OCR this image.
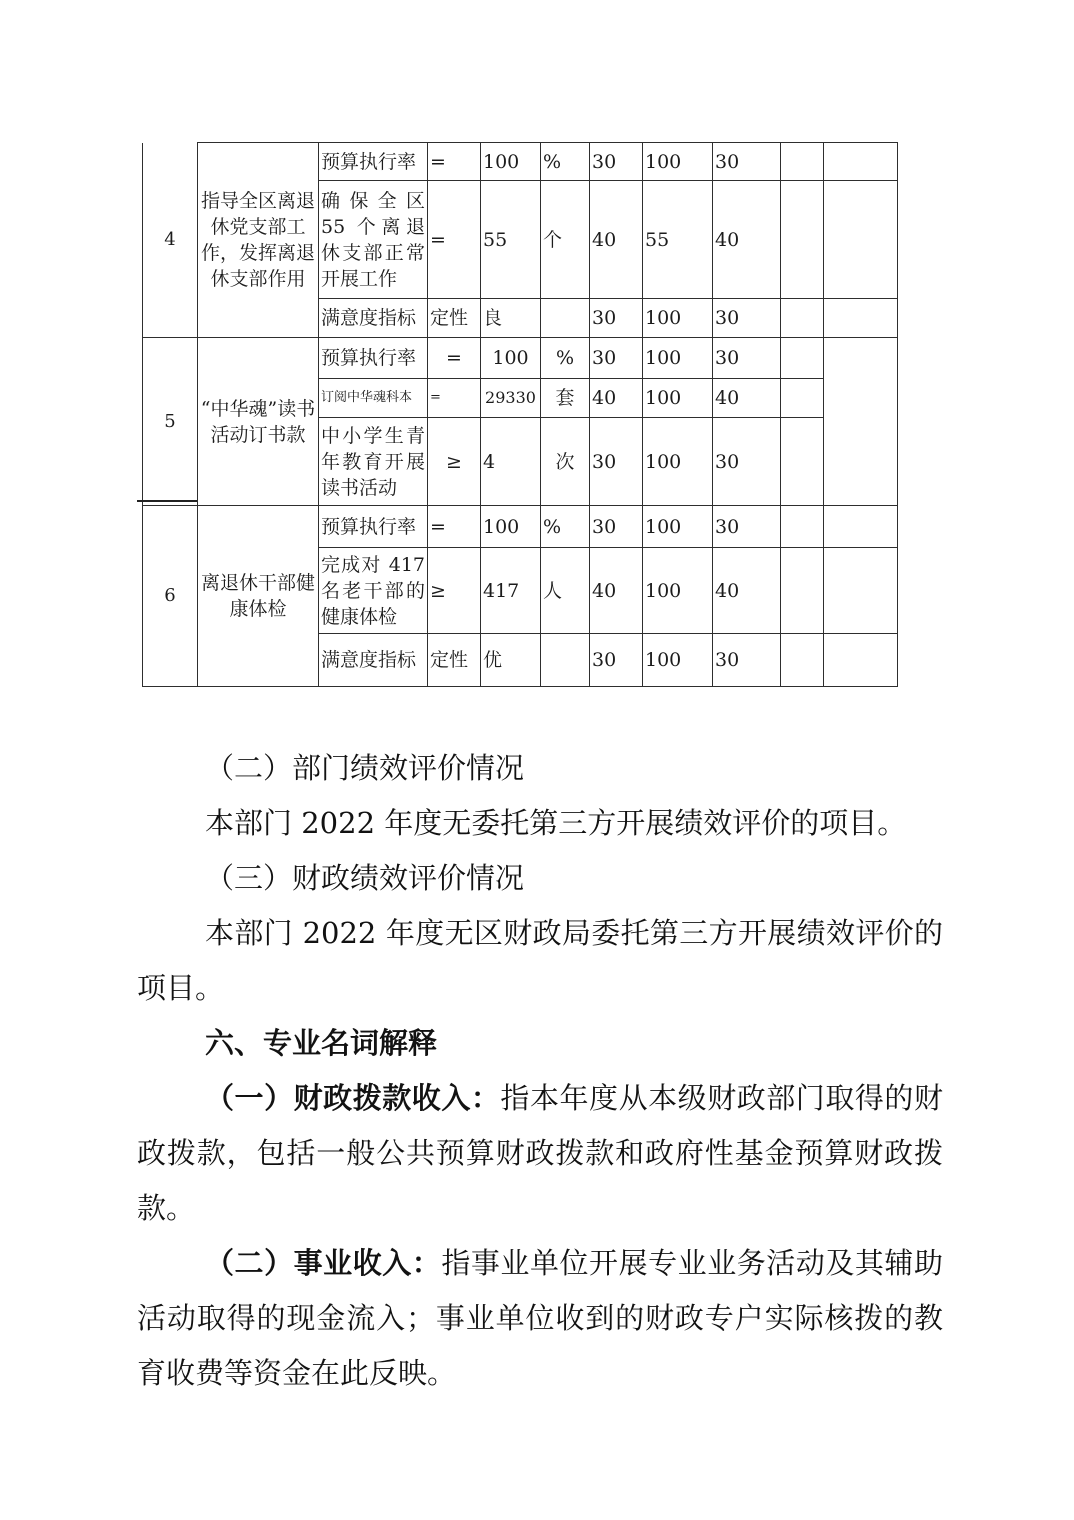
4	指导全区离退休党支部工作，发挥离退休支部作用	预算执行率	=	100	%	30	100	30		
		确保全区 55 个离退休支部正常开展工作	=	55	个	40	55	40		
		满意度指标	定性	良		30	100	30		
5	“中华魂”读书活动订书款	预算执行率	=	100	%	30	100	30		
		订阅中华魂科本	=	29330	套	40	100	40		
		中小学生青年教育开展读书活动	≥	4	次	30	100	30		
6	离退休干部健康体检	预算执行率	=	100	%	30	100	30		
		完成对 417 名老干部的健康体检	≥	417	人	40	100	40		
		满意度指标	定性	优		30	100	30		

（二）部门绩效评价情况

本部门 2022 年度无委托第三方开展绩效评价的项目。

（三）财政绩效评价情况

本部门 2022 年度无区财政局委托第三方开展绩效评价的项目。

六、专业名词解释

（一）财政拨款收入：指本年度从本级财政部门取得的财政拨款，包括一般公共预算财政拨款和政府性基金预算财政拨款。

（二）事业收入：指事业单位开展专业业务活动及其辅助活动取得的现金流入；事业单位收到的财政专户实际核拨的教育收费等资金在此反映。
